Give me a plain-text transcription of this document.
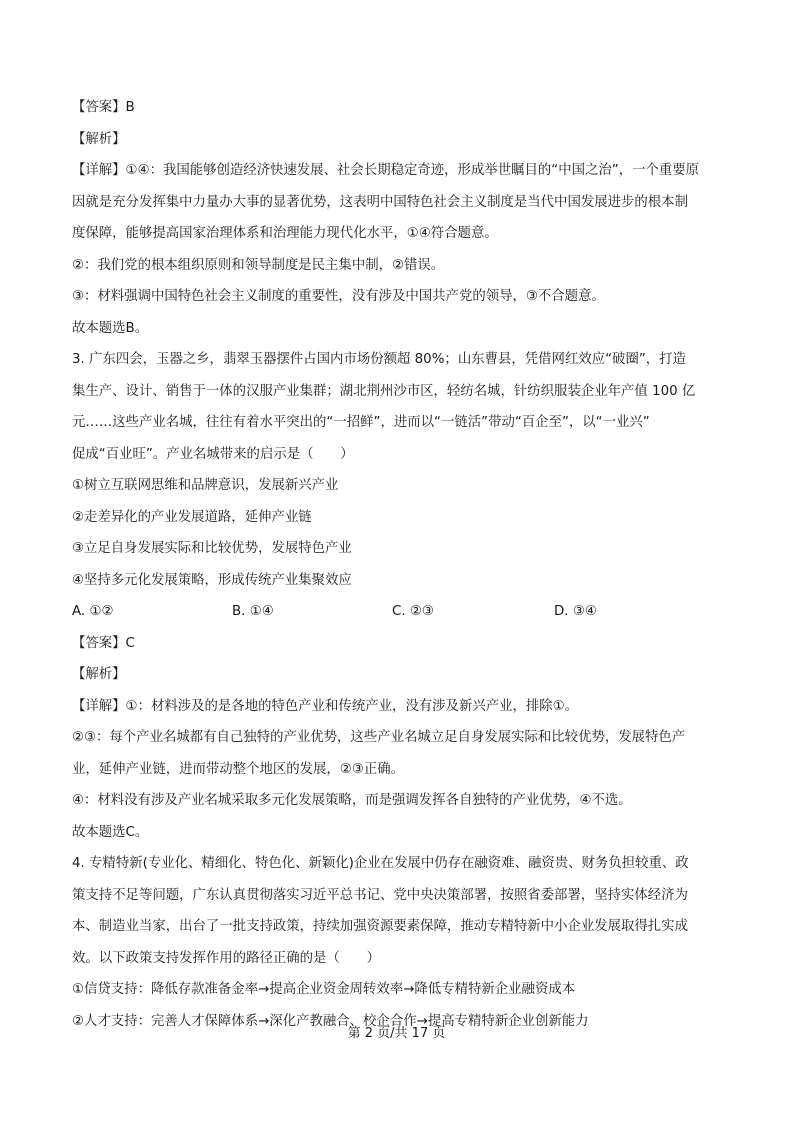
【答案】B

【解析】

【详解】①④：我国能够创造经济快速发展、社会长期稳定奇迹，形成举世瞩目的“中国之治”，一个重要原

因就是充分发挥集中力量办大事的显著优势，这表明中国特色社会主义制度是当代中国发展进步的根本制

度保障，能够提高国家治理体系和治理能力现代化水平，①④符合题意。

②：我们党的根本组织原则和领导制度是民主集中制，②错误。

③：材料强调中国特色社会主义制度的重要性，没有涉及中国共产党的领导，③不合题意。

故本题选B。

3. 广东四会，玉器之乡，翡翠玉器摆件占国内市场份额超 80%；山东曹县，凭借网红效应“破圈”，打造

集生产、设计、销售于一体的汉服产业集群；湖北荆州沙市区，轻纺名城，针纺织服装企业年产值 100 亿

元……这些产业名城，往往有着水平突出的“一招鲜”，进而以“一链活”带动“百企至”，以“一业兴”

促成“百业旺”。产业名城带来的启示是（　　）

①树立互联网思维和品牌意识，发展新兴产业

②走差异化的产业发展道路，延伸产业链

③立足自身发展实际和比较优势，发展特色产业

④坚持多元化发展策略，形成传统产业集聚效应

A. ①②	B. ①④	C. ②③	D. ③④

【答案】C

【解析】

【详解】①：材料涉及的是各地的特色产业和传统产业，没有涉及新兴产业，排除①。

②③：每个产业名城都有自己独特的产业优势，这些产业名城立足自身发展实际和比较优势，发展特色产

业，延伸产业链，进而带动整个地区的发展，②③正确。

④：材料没有涉及产业名城采取多元化发展策略，而是强调发挥各自独特的产业优势，④不选。

故本题选C。

4. 专精特新(专业化、精细化、特色化、新颖化)企业在发展中仍存在融资难、融资贵、财务负担较重、政

策支持不足等问题，广东认真贯彻落实习近平总书记、党中央决策部署，按照省委部署，坚持实体经济为

本、制造业当家，出台了一批支持政策，持续加强资源要素保障，推动专精特新中小企业发展取得扎实成

效。以下政策支持发挥作用的路径正确的是（　　）

①信贷支持：降低存款准备金率→提高企业资金周转效率→降低专精特新企业融资成本

②人才支持：完善人才保障体系→深化产教融合、校企合作→提高专精特新企业创新能力

第 2 页/共 17 页
